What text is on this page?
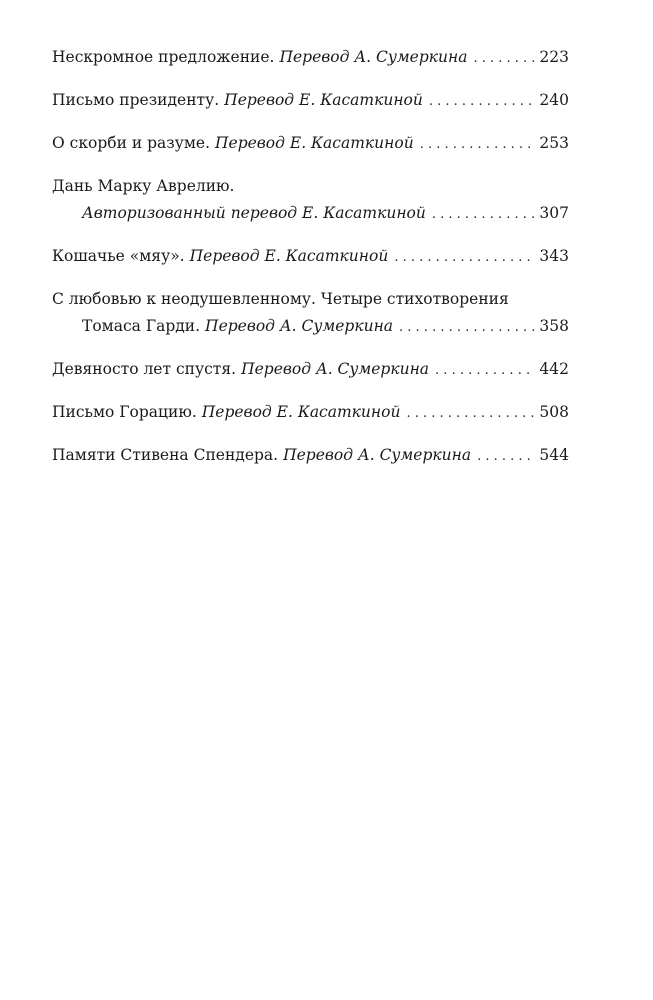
Нескромное предложение. Перевод А. Сумеркина . . .	223
Письмо президенту. Перевод Е. Касаткиной . . .	240
О скорби и разуме. Перевод Е. Касаткиной . . .	253
Дань Марку Аврелию.
Авторизованный перевод Е. Касаткиной . . .	307
Кошачье «мяу». Перевод Е. Касаткиной . . .	343
С любовью к неодушевленному. Четыре стихотворения
Томаса Гарди. Перевод А. Сумеркина . . .	358
Девяносто лет спустя. Перевод А. Сумеркина . . .	442
Письмо Горацию. Перевод Е. Касаткиной . . .	508
Памяти Стивена Спендера. Перевод А. Сумеркина . . .	544
